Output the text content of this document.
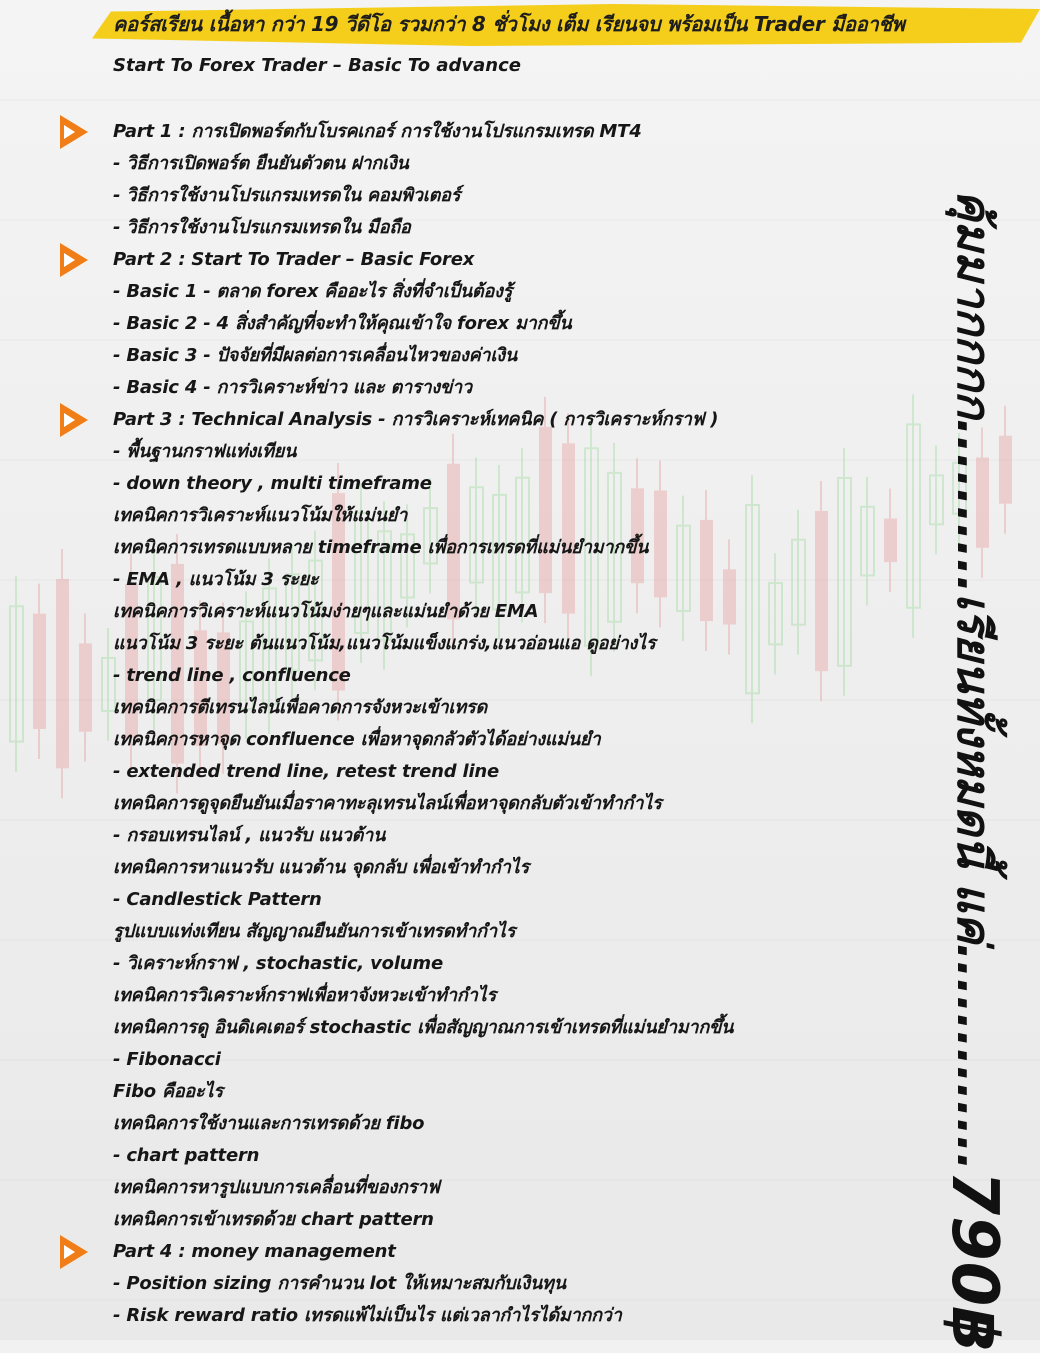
คอร์สเรียน เนื้อหา กว่า 19 วีดีโอ รวมกว่า 8 ชั่วโมง เต็ม เรียนจบ พร้อมเป็น Trader มืออาชีพ
Start To Forex Trader – Basic To advance
Part 1 : การเปิดพอร์ตกับโบรคเกอร์ การใช้งานโปรแกรมเทรด MT4
- วิธีการเปิดพอร์ต ยืนยันตัวตน ฝากเงิน
- วิธีการใช้งานโปรแกรมเทรดใน คอมพิวเตอร์
- วิธีการใช้งานโปรแกรมเทรดใน มือถือ
Part 2 : Start To Trader – Basic Forex
- Basic 1 - ตลาด forex คืออะไร สิ่งที่จำเป็นต้องรู้
- Basic 2 - 4 สิ่งสำคัญที่จะทำให้คุณเข้าใจ forex มากขึ้น
- Basic 3 - ปัจจัยที่มีผลต่อการเคลื่อนไหวของค่าเงิน
- Basic 4 - การวิเคราะห์ข่าว และ ตารางข่าว
Part 3 : Technical Analysis - การวิเคราะห์เทคนิค ( การวิเคราะห์กราฟ )
- พื้นฐานกราฟแท่งเทียน
- down theory , multi timeframe
เทคนิคการวิเคราะห์แนวโน้มให้แม่นยำ
เทคนิคการเทรดแบบหลาย timeframe เพื่อการเทรดที่แม่นยำมากขึ้น
- EMA , แนวโน้ม 3 ระยะ
เทคนิคการวิเคราะห์แนวโน้มง่ายๆและแม่นยำด้วย EMA
แนวโน้ม 3 ระยะ ต้นแนวโน้ม,แนวโน้มแข็งแกร่ง,แนวอ่อนแอ ดูอย่างไร
- trend line , confluence
เทคนิคการตีเทรนไลน์เพื่อคาดการจังหวะเข้าเทรด
เทคนิคการหาจุด confluence เพื่อหาจุดกลัวตัวได้อย่างแม่นยำ
- extended trend line, retest trend line
เทคนิคการดูจุดยืนยันเมื่อราคาทะลุเทรนไลน์เพื่อหาจุดกลับตัวเข้าทำกำไร
- กรอบเทรนไลน์ , แนวรับ แนวต้าน
เทคนิคการหาแนวรับ แนวต้าน จุดกลับ เพื่อเข้าทำกำไร
- Candlestick Pattern
รูปแบบแท่งเทียน สัญญาณยืนยันการเข้าเทรดทำกำไร
- วิเคราะห์กราฟ , stochastic, volume
เทคนิคการวิเคราะห์กราฟเพื่อหาจังหวะเข้าทำกำไร
เทคนิคการดู อินดิเคเตอร์ stochastic เพื่อสัญญาณการเข้าเทรดที่แม่นยำมากขึ้น
- Fibonacci
Fibo คืออะไร
เทคนิคการใช้งานและการเทรดด้วย fibo
- chart pattern
เทคนิคการหารูปแบบการเคลื่อนที่ของกราฟ
เทคนิคการเข้าเทรดด้วย chart pattern
Part 4 : money management
- Position sizing การคำนวน lot ให้เหมาะสมกับเงินทุน
- Risk reward ratio เทรดแพ้ไม่เป็นไร แต่เวลากำไรได้มากกว่า
คุ้มมากกกก..........เรียนทั้งหมดนี้ แค่.............790฿
